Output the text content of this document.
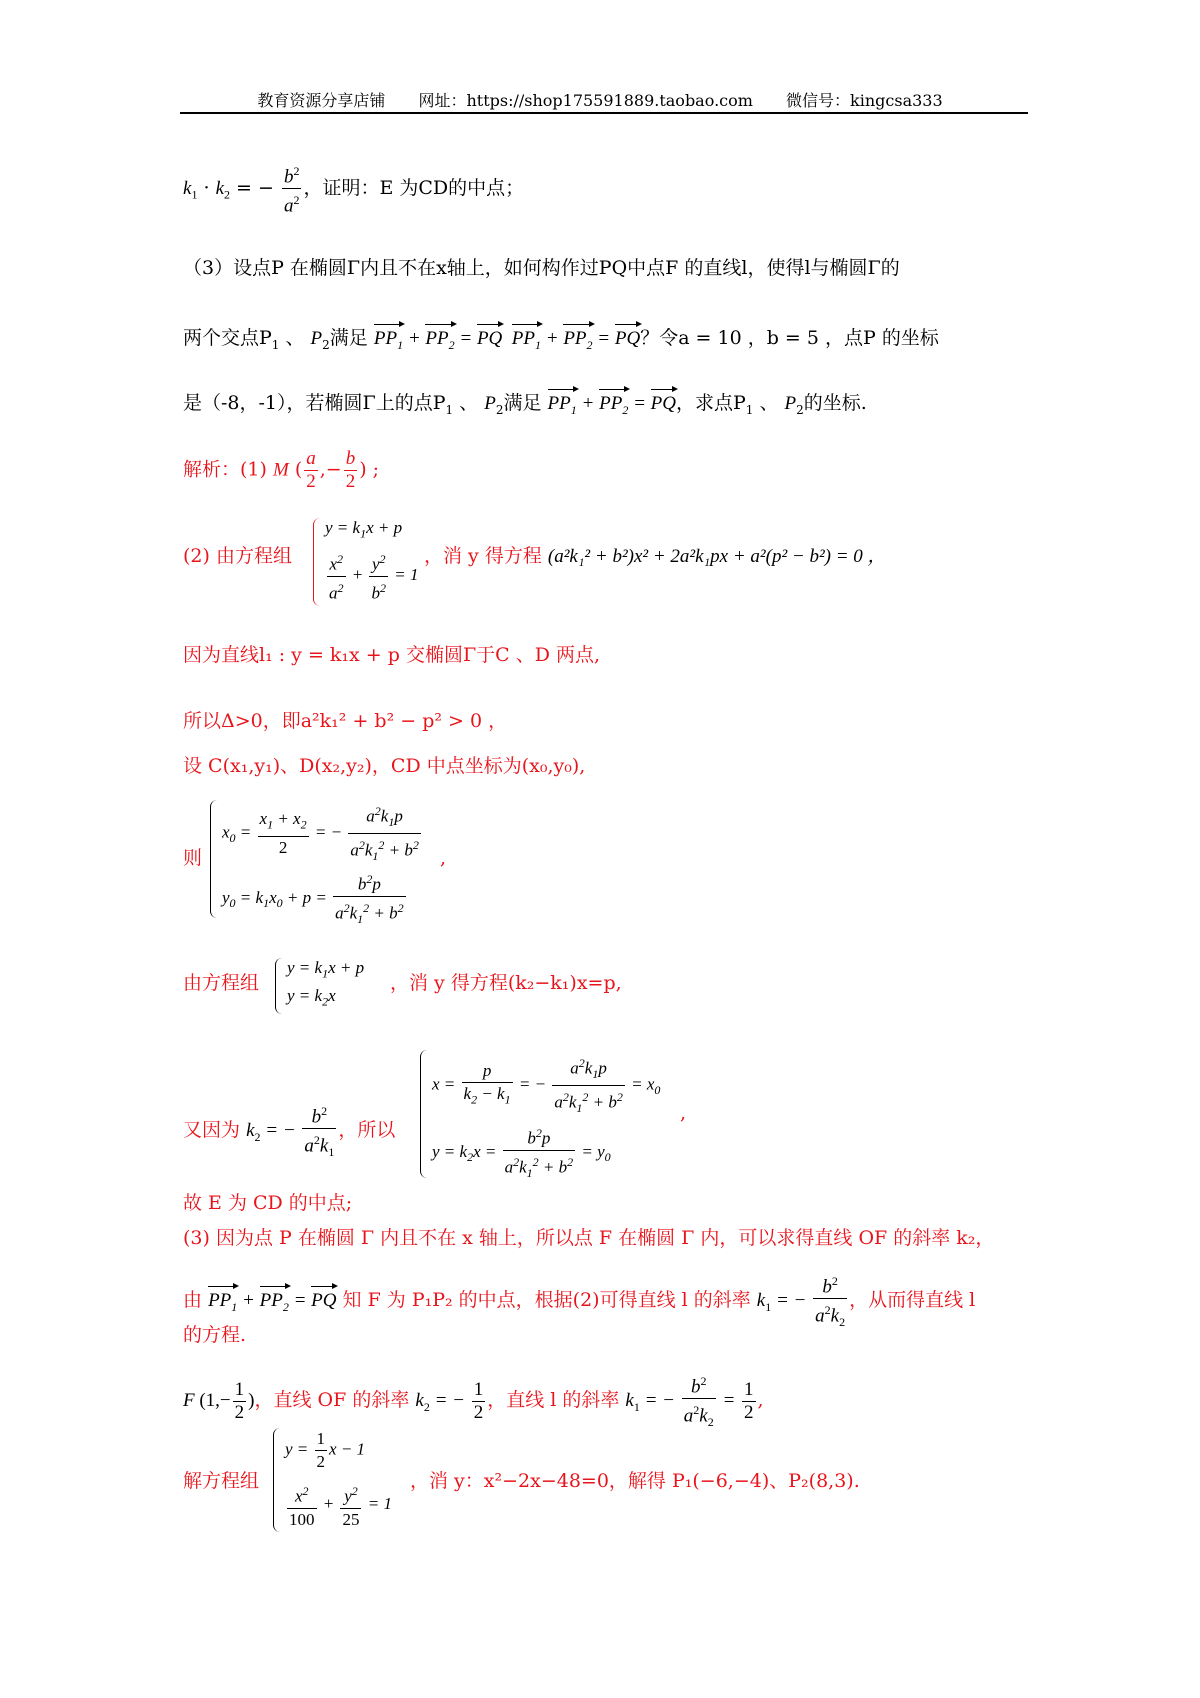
教育资源分享店铺 网址：https://shop175591889.taobao.com 微信号：kingcsa333
$k_1 \cdot k_2$ = − $\frac{b^2}{a^2}$ ，证明：E 为CD的中点；
（3）设点P 在椭圆Γ内且不在x轴上，如何构作过PQ中点F 的直线l，使得l与椭圆Γ的
两个交点$P_1$ 、 $P_2$满足 $PP_1 + PP_2$ = PQ $PP_1 + PP_2$ = PQ？令a = 10 ，b = 5 ，点P 的坐标
是（-8，-1），若椭圆Γ上的点$P_1$ 、 $P_2$满足 $PP_1 + PP_2$ = PQ，求点$P_1$ 、 $P_2$的坐标.
解析：(1) M ( $\frac{a}{2}$ ,− $\frac{b}{2}$ ) ;
(2) 由方程组
$y = k_1x + p$
$\frac{x^2}{a^2} + \frac{y^2}{b^2} = 1$
，消 y 得方程 (a²k₁² + b²)x² + 2a²k₁px + a²(p² − b²) = 0 ，
因为直线l₁ : y = k₁x + p 交椭圆Γ于C 、D 两点,
所以Δ>0，即a²k₁² + b² − p² > 0 ，
设 C(x₁,y₁)、D(x₂,y₂)，CD 中点坐标为(x₀,y₀),
则
$x_0 = \frac{x_1 + x_2}{2}$ = − $\frac{a^2k_1p}{a^2k_1^2 + b^2}$
$y_0 = k_1x_0 + p = \frac{b^2p}{a^2k_1^2 + b^2}$
,
由方程组
$y = k_1x + p$
$y = k_2x$
，消 y 得方程(k₂−k₁)x=p,
又因为 $k_2$ = − $\frac{b^2}{a^2k_1}$ ，所以
$x = \frac{p}{k_2 - k_1}$ = − $\frac{a^2k_1p}{a^2k_1^2 + b^2} = x_0$
$y = k_2x = \frac{b^2p}{a^2k_1^2 + b^2} = y_0$
,
故 E 为 CD 的中点;
(3) 因为点 P 在椭圆 Γ 内且不在 x 轴上，所以点 F 在椭圆 Γ 内，可以求得直线 OF 的斜率 k₂，
由 $PP_1 + PP_2$ = PQ 知 F 为 P₁P₂ 的中点，根据(2)可得直线 l 的斜率 $k_1$ = − $\frac{b^2}{a^2k_2}$ ，从而得直线 l
的方程.
F ($1,- \frac{1}{2}$ )，直线 OF 的斜率 $k_2$ = − $\frac{1}{2}$ ，直线 l 的斜率 $k_1$ = − $\frac{b^2}{a^2k_2} = \frac{1}{2}$ ,
解方程组
$y = \frac{1}{2}$ x − 1
$\frac{x^2}{100} + \frac{y^2}{25} = 1$
，消 y：x²−2x−48=0，解得 P₁(−6,−4)、P₂(8,3).
